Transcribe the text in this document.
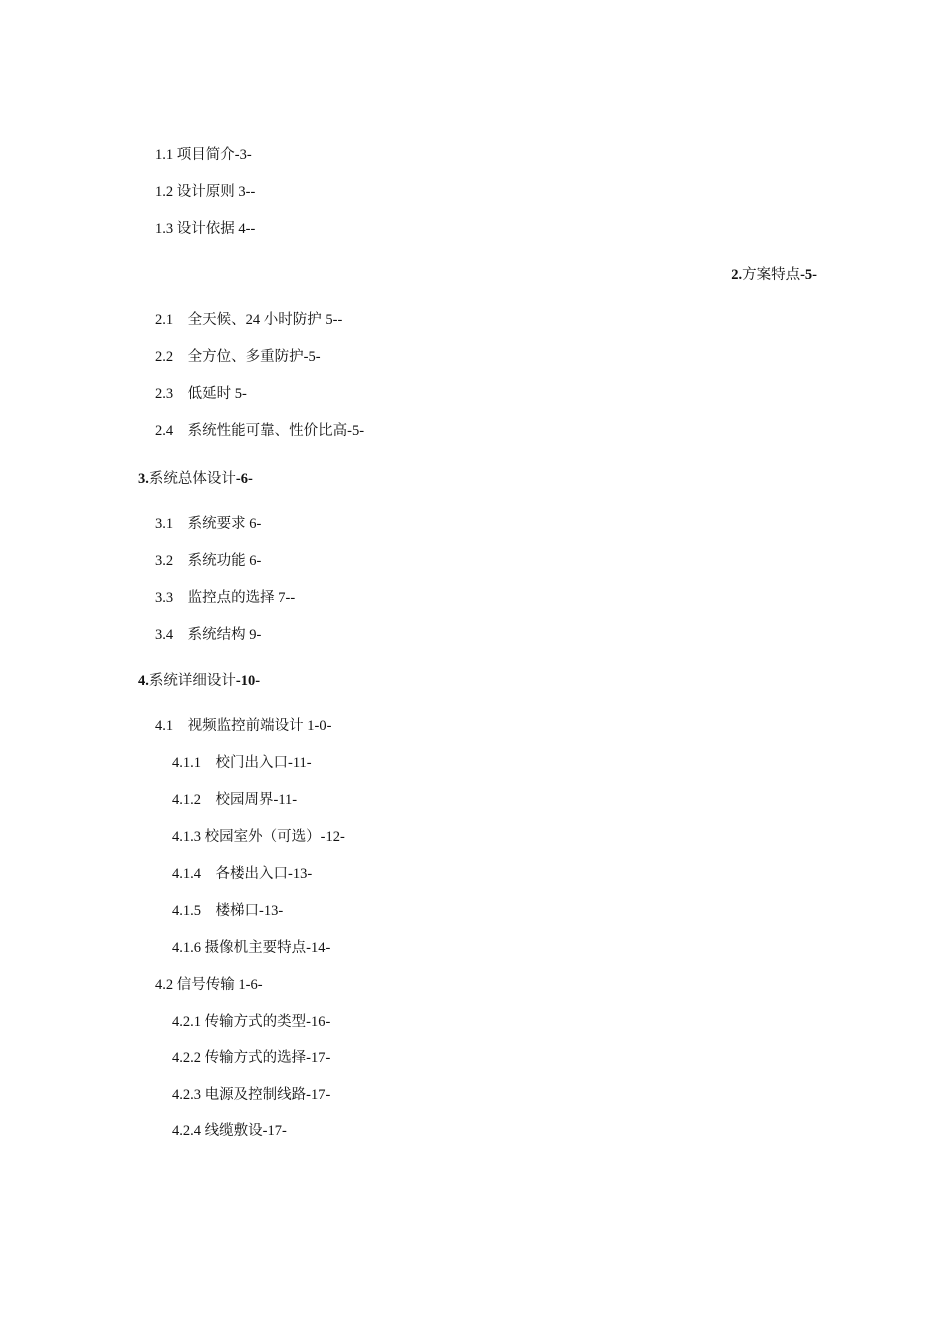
1.1 项目简介-3-
1.2 设计原则 3--
1.3 设计依据 4--
2.方案特点-5-
2.1　全天候、24 小时防护 5--
2.2　全方位、多重防护-5-
2.3　低延时 5-
2.4　系统性能可靠、性价比高-5-
3.系统总体设计-6-
3.1　系统要求 6-
3.2　系统功能 6-
3.3　监控点的选择 7--
3.4　系统结构 9-
4.系统详细设计-10-
4.1　视频监控前端设计 1-0-
4.1.1　校门出入口-11-
4.1.2　校园周界-11-
4.1.3 校园室外（可选）-12-
4.1.4　各楼出入口-13-
4.1.5　楼梯口-13-
4.1.6 摄像机主要特点-14-
4.2 信号传输 1-6-
4.2.1 传输方式的类型-16-
4.2.2 传输方式的选择-17-
4.2.3 电源及控制线路-17-
4.2.4 线缆敷设-17-
